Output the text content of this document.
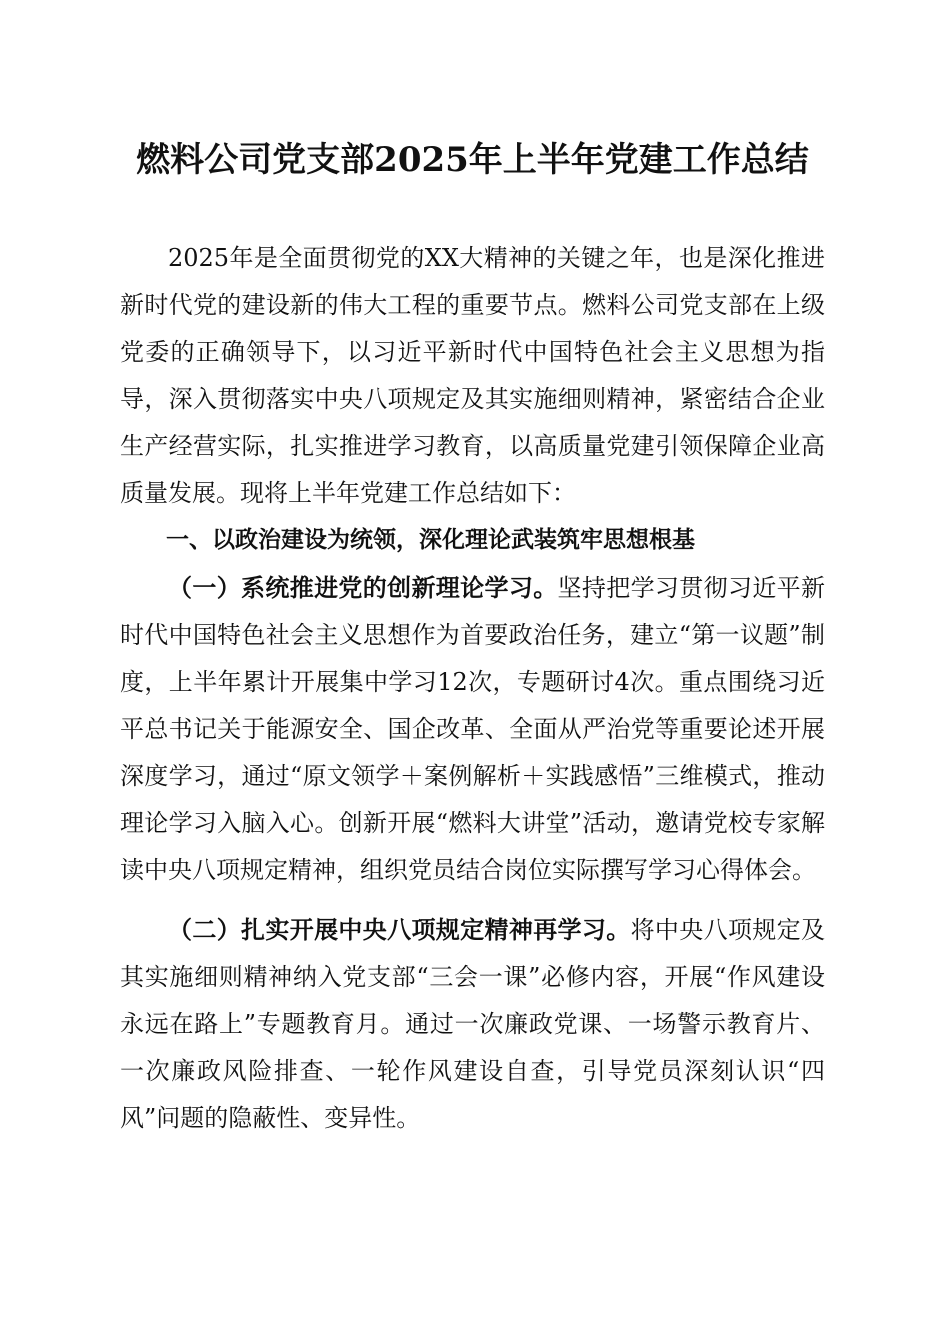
燃料公司党支部2025年上半年党建工作总结

2025年是全面贯彻党的XX大精神的关键之年，也是深化推进新时代党的建设新的伟大工程的重要节点。燃料公司党支部在上级党委的正确领导下，以习近平新时代中国特色社会主义思想为指导，深入贯彻落实中央八项规定及其实施细则精神，紧密结合企业生产经营实际，扎实推进学习教育，以高质量党建引领保障企业高质量发展。现将上半年党建工作总结如下：

一、以政治建设为统领，深化理论武装筑牢思想根基

（一）系统推进党的创新理论学习。坚持把学习贯彻习近平新时代中国特色社会主义思想作为首要政治任务，建立“第一议题”制度，上半年累计开展集中学习12次，专题研讨4次。重点围绕习近平总书记关于能源安全、国企改革、全面从严治党等重要论述开展深度学习，通过“原文领学＋案例解析＋实践感悟”三维模式，推动理论学习入脑入心。创新开展“燃料大讲堂”活动，邀请党校专家解读中央八项规定精神，组织党员结合岗位实际撰写学习心得体会。

（二）扎实开展中央八项规定精神再学习。将中央八项规定及其实施细则精神纳入党支部“三会一课”必修内容，开展“作风建设永远在路上”专题教育月。通过一次廉政党课、一场警示教育片、一次廉政风险排查、一轮作风建设自查，引导党员深刻认识“四风”问题的隐蔽性、变异性。
